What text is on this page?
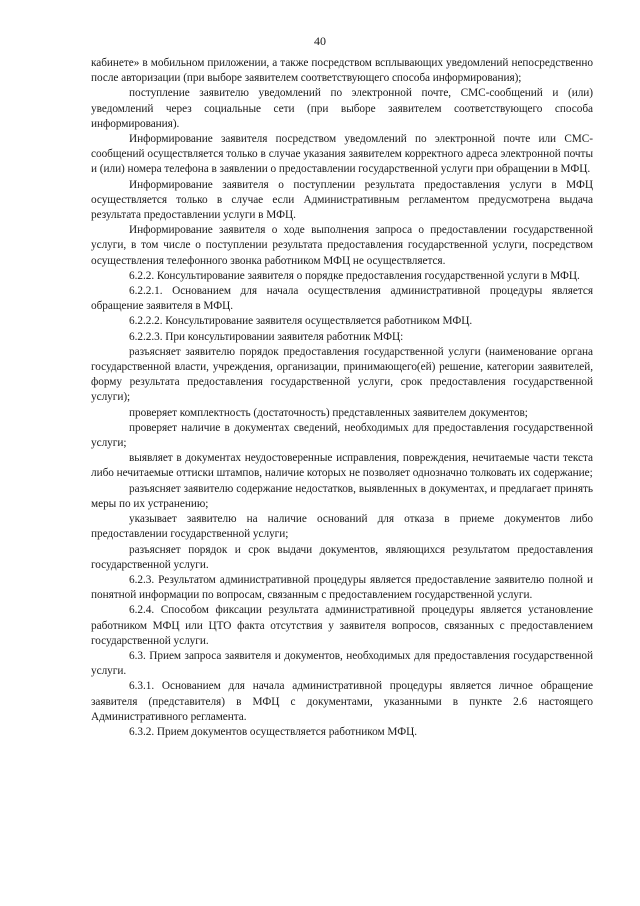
40

кабинете» в мобильном приложении, а также посредством всплывающих уведомлений непосредственно после авторизации (при выборе заявителем соответствующего способа информирования);

поступление заявителю уведомлений по электронной почте, СМС-сообщений и (или) уведомлений через социальные сети (при выборе заявителем соответствующего способа информирования).

Информирование заявителя посредством уведомлений по электронной почте или СМС-сообщений осуществляется только в случае указания заявителем корректного адреса электронной почты и (или) номера телефона в заявлении о предоставлении государственной услуги при обращении в МФЦ.

Информирование заявителя о поступлении результата предоставления услуги в МФЦ осуществляется только в случае если Административным регламентом предусмотрена выдача результата предоставлении услуги в МФЦ.

Информирование заявителя о ходе выполнения запроса о предоставлении государственной услуги, в том числе о поступлении результата предоставления государственной услуги, посредством осуществления телефонного звонка работником МФЦ не осуществляется.

6.2.2. Консультирование заявителя о порядке предоставления государственной услуги в МФЦ.

6.2.2.1. Основанием для начала осуществления административной процедуры является обращение заявителя в МФЦ.

6.2.2.2. Консультирование заявителя осуществляется работником МФЦ.

6.2.2.3. При консультировании заявителя работник МФЦ:

разъясняет заявителю порядок предоставления государственной услуги (наименование органа государственной власти, учреждения, организации, принимающего(ей) решение, категории заявителей, форму результата предоставления государственной услуги, срок предоставления государственной услуги);

проверяет комплектность (достаточность) представленных заявителем документов;

проверяет наличие в документах сведений, необходимых для предоставления государственной услуги;

выявляет в документах неудостоверенные исправления, повреждения, нечитаемые части текста либо нечитаемые оттиски штампов, наличие которых не позволяет однозначно толковать их содержание;

разъясняет заявителю содержание недостатков, выявленных в документах, и предлагает принять меры по их устранению;

указывает заявителю на наличие оснований для отказа в приеме документов либо предоставлении государственной услуги;

разъясняет порядок и срок выдачи документов, являющихся результатом предоставления государственной услуги.

6.2.3. Результатом административной процедуры является предоставление заявителю полной и понятной информации по вопросам, связанным с предоставлением государственной услуги.

6.2.4. Способом фиксации результата административной процедуры является установление работником МФЦ или ЦТО факта отсутствия у заявителя вопросов, связанных с предоставлением государственной услуги.

6.3. Прием запроса заявителя и документов, необходимых для предоставления государственной услуги.

6.3.1. Основанием для начала административной процедуры является личное обращение заявителя (представителя) в МФЦ с документами, указанными в пункте 2.6 настоящего Административного регламента.

6.3.2. Прием документов осуществляется работником МФЦ.
